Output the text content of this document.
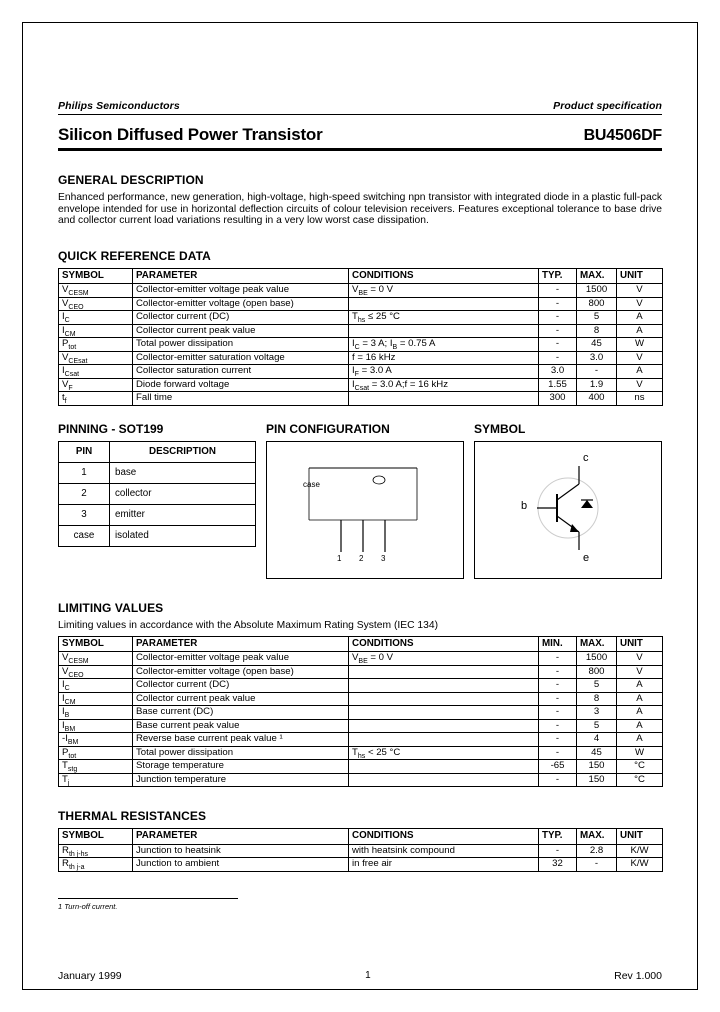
Philips Semiconductors	Product specification
Silicon Diffused Power Transistor	BU4506DF
GENERAL DESCRIPTION

Enhanced performance, new generation, high-voltage, high-speed switching npn transistor with integrated diode in a plastic full-pack envelope intended for use in horizontal deflection circuits of colour television receivers. Features exceptional tolerance to base drive and collector current load variations resulting in a very low worst case dissipation.

QUICK REFERENCE DATA
SYMBOL	PARAMETER	CONDITIONS	TYP.	MAX.	UNIT
$V_{CESM}$	Collector-emitter voltage peak value	$V_{BE} = 0$ V	-	1500	V
$V_{CEO}$	Collector-emitter voltage (open base)		-	800	V
$I_C$	Collector current (DC)	$T_{hs} \le 25$ °C	-	5	A
$I_{CM}$	Collector current peak value		-	8	A
$P_{tot}$	Total power dissipation	$I_C = 3$ A; $I_B = 0.75$ A	-	45	W
$V_{CEsat}$	Collector-emitter saturation voltage	f = 16 kHz	-	3.0	V
$I_{Csat}$	Collector saturation current	$I_F = 3.0$ A	3.0	-	A
$V_F$	Diode forward voltage	$I_{Csat} = 3.0$ A;f = 16 kHz	1.55	1.9	V
$t_f$	Fall time		300	400	ns
PINNING - SOT199
PIN	DESCRIPTION
1	base
2	collector
3	emitter
case	isolated
PIN CONFIGURATION
case
1 2 3
SYMBOL
c
b
e
LIMITING VALUES

Limiting values in accordance with the Absolute Maximum Rating System (IEC 134)

SYMBOL	PARAMETER	CONDITIONS	MIN.	MAX.	UNIT
$V_{CESM}$	Collector-emitter voltage peak value	$V_{BE} = 0$ V	-	1500	V
$V_{CEO}$	Collector-emitter voltage (open base)		-	800	V
$I_C$	Collector current (DC)		-	5	A
$I_{CM}$	Collector current peak value		-	8	A
$I_B$	Base current (DC)		-	3	A
$I_{BM}$	Base current peak value		-	5	A
$-I_{BM}$	Reverse base current peak value ¹		-	4	A
$P_{tot}$	Total power dissipation	$T_{hs} < 25$ °C	-	45	W
$T_{stg}$	Storage temperature		-65	150	°C
$T_j$	Junction temperature		-	150	°C
THERMAL RESISTANCES
SYMBOL	PARAMETER	CONDITIONS	TYP.	MAX.	UNIT
$R_{th j-hs}$	Junction to heatsink	with heatsink compound	-	2.8	K/W
$R_{th j-a}$	Junction to ambient	in free air	32	-	K/W
1 Turn-off current.
January 1999	1	Rev 1.000
